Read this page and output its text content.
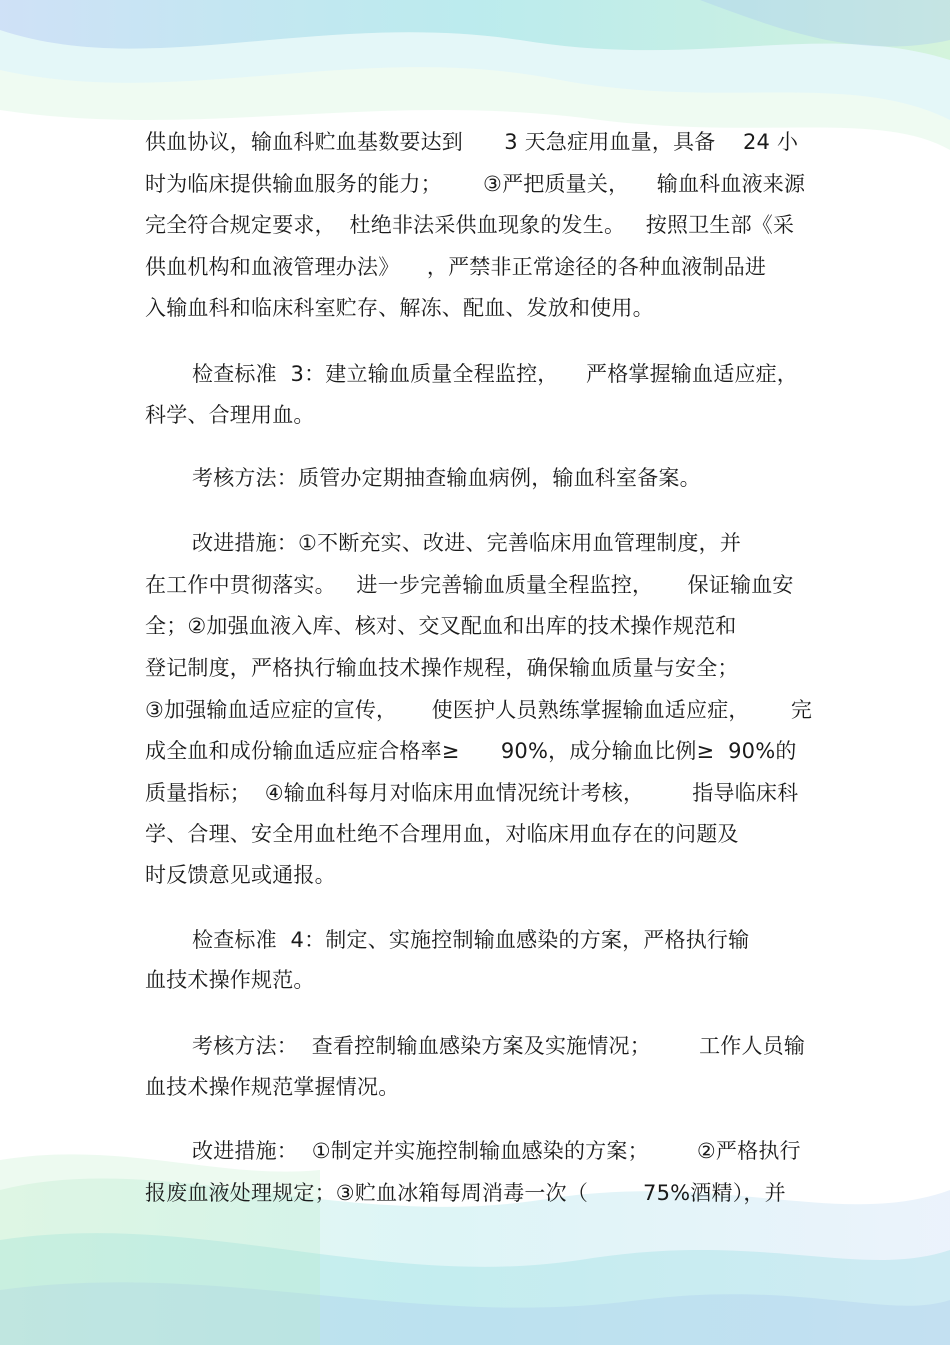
供血协议，输血科贮血基数要达到      3 天急症用血量，具备    24 小
时为临床提供输血服务的能力；      ③严把质量关，    输血科血液来源
完全符合规定要求，  杜绝非法采供血现象的发生。   按照卫生部《采
供血机构和血液管理办法》    ，严禁非正常途径的各种血液制品进
入输血科和临床科室贮存、解冻、配血、发放和使用。
检查标准  3：建立输血质量全程监控，    严格掌握输血适应症，
科学、合理用血。
考核方法：质管办定期抽查输血病例，输血科室备案。
改进措施：①不断充实、改进、完善临床用血管理制度，并
在工作中贯彻落实。   进一步完善输血质量全程监控，     保证输血安
全；②加强血液入库、核对、交叉配血和出库的技术操作规范和
登记制度，严格执行输血技术操作规程，确保输血质量与安全；
③加强输血适应症的宣传，     使医护人员熟练掌握输血适应症，      完
成全血和成份输血适应症合格率≥      90%，成分输血比例≥  90%的
质量指标；  ④输血科每月对临床用血情况统计考核，       指导临床科
学、合理、安全用血杜绝不合理用血，对临床用血存在的问题及
时反馈意见或通报。
检查标准  4：制定、实施控制输血感染的方案，严格执行输
血技术操作规范。
考核方法：  查看控制输血感染方案及实施情况；       工作人员输
血技术操作规范掌握情况。
改进措施：  ①制定并实施控制输血感染的方案；       ②严格执行
报废血液处理规定；③贮血冰箱每周消毒一次（        75%酒精），并
